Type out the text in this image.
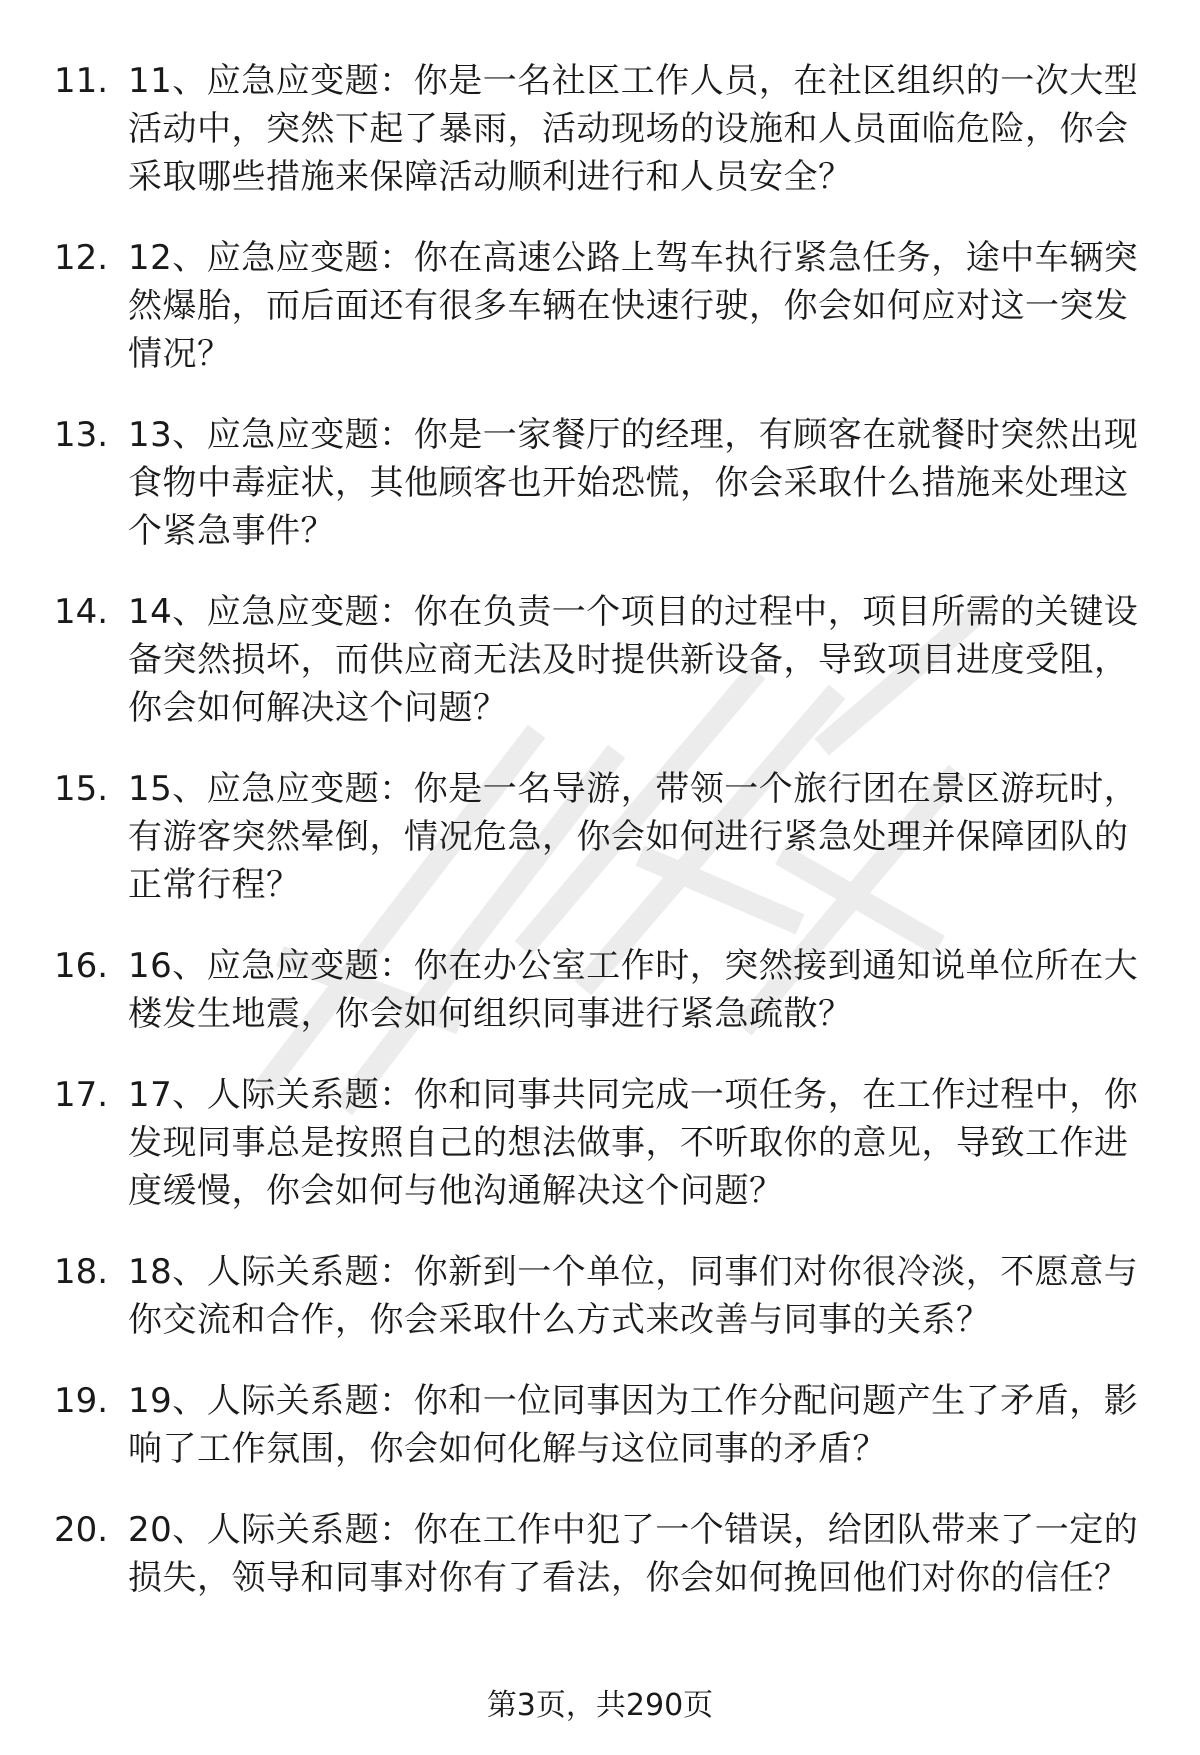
11. 11、应急应变题：你是一名社区工作人员，在社区组织的一次大型活动中，突然下起了暴雨，活动现场的设施和人员面临危险，你会采取哪些措施来保障活动顺利进行和人员安全？
12. 12、应急应变题：你在高速公路上驾车执行紧急任务，途中车辆突然爆胎，而后面还有很多车辆在快速行驶，你会如何应对这一突发情况？
13. 13、应急应变题：你是一家餐厅的经理，有顾客在就餐时突然出现食物中毒症状，其他顾客也开始恐慌，你会采取什么措施来处理这个紧急事件？
14. 14、应急应变题：你在负责一个项目的过程中，项目所需的关键设备突然损坏，而供应商无法及时提供新设备，导致项目进度受阻，你会如何解决这个问题？
15. 15、应急应变题：你是一名导游，带领一个旅行团在景区游玩时，有游客突然晕倒，情况危急，你会如何进行紧急处理并保障团队的正常行程？
16. 16、应急应变题：你在办公室工作时，突然接到通知说单位所在大楼发生地震，你会如何组织同事进行紧急疏散？
17. 17、人际关系题：你和同事共同完成一项任务，在工作过程中，你发现同事总是按照自己的想法做事，不听取你的意见，导致工作进度缓慢，你会如何与他沟通解决这个问题？
18. 18、人际关系题：你新到一个单位，同事们对你很冷淡，不愿意与你交流和合作，你会采取什么方式来改善与同事的关系？
19. 19、人际关系题：你和一位同事因为工作分配问题产生了矛盾，影响了工作氛围，你会如何化解与这位同事的矛盾？
20. 20、人际关系题：你在工作中犯了一个错误，给团队带来了一定的损失，领导和同事对你有了看法，你会如何挽回他们对你的信任？
第3页，共290页
